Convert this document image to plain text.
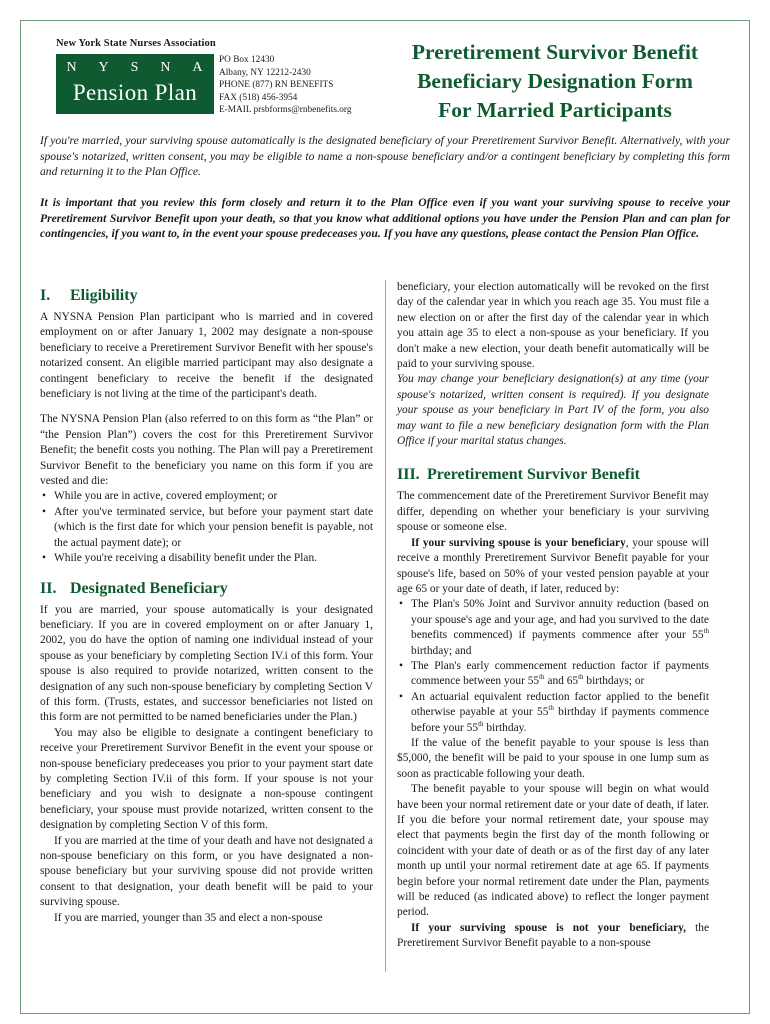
New York State Nurses Association
N Y S N A
Pension Plan
PO Box 12430
Albany, NY 12212-2430
PHONE (877) RN BENEFITS
FAX (518) 456-3954
E-MAIL prsbforms@rnbenefits.org
Preretirement Survivor Benefit
Beneficiary Designation Form
For Married Participants

If you're married, your surviving spouse automatically is the designated beneficiary of your Preretirement Survivor Benefit. Alternatively, with your spouse's notarized, written consent, you may be eligible to name a non-spouse beneficiary and/or a contingent beneficiary by completing this form and returning it to the Plan Office.

It is important that you review this form closely and return it to the Plan Office even if you want your surviving spouse to receive your Preretirement Survivor Benefit upon your death, so that you know what additional options you have under the Pension Plan and can plan for contingencies, if you want to, in the event your spouse predeceases you. If you have any questions, please contact the Pension Plan Office.

I. Eligibility

A NYSNA Pension Plan participant who is married and in covered employment on or after January 1, 2002 may designate a non-spouse beneficiary to receive a Preretirement Survivor Benefit with her spouse's notarized consent. An eligible married participant may also designate a contingent beneficiary to receive the benefit if the designated beneficiary is not living at the time of the participant's death.

The NYSNA Pension Plan (also referred to on this form as “the Plan” or “the Pension Plan”) covers the cost for this Preretirement Survivor Benefit; the benefit costs you nothing. The Plan will pay a Preretirement Survivor Benefit to the beneficiary you name on this form if you are vested and die:

• While you are in active, covered employment; or
• After you've terminated service, but before your payment start date (which is the first date for which your pension benefit is payable, not the actual payment date); or
• While you're receiving a disability benefit under the Plan.
II. Designated Beneficiary

If you are married, your spouse automatically is your designated beneficiary. If you are in covered employment on or after January 1, 2002, you do have the option of naming one individual instead of your spouse as your beneficiary by completing Section IV.i of this form. Your spouse is also required to provide notarized, written consent to the designation of any such non-spouse beneficiary by completing Section V of this form. (Trusts, estates, and successor beneficiaries not listed on this form are not permitted to be named beneficiaries under the Plan.)

You may also be eligible to designate a contingent beneficiary to receive your Preretirement Survivor Benefit in the event your spouse or non-spouse beneficiary predeceases you prior to your payment start date by completing Section IV.ii of this form. If your spouse is not your beneficiary and you wish to designate a non-spouse contingent beneficiary, your spouse must provide notarized, written consent to the designation by completing Section V of this form.

If you are married at the time of your death and have not designated a non-spouse beneficiary on this form, or you have designated a non-spouse beneficiary but your surviving spouse did not provide written consent to that designation, your death benefit will be paid to your surviving spouse.

If you are married, younger than 35 and elect a non-spouse

beneficiary, your election automatically will be revoked on the first day of the calendar year in which you reach age 35. You must file a new election on or after the first day of the calendar year in which you attain age 35 to elect a non-spouse as your beneficiary. If you don't make a new election, your death benefit automatically will be paid to your surviving spouse.

You may change your beneficiary designation(s) at any time (your spouse's notarized, written consent is required). If you designate your spouse as your beneficiary in Part IV of the form, you also may want to file a new beneficiary designation form with the Plan Office if your marital status changes.

III. Preretirement Survivor Benefit

The commencement date of the Preretirement Survivor Benefit may differ, depending on whether your beneficiary is your surviving spouse or someone else.

If your surviving spouse is your beneficiary, your spouse will receive a monthly Preretirement Survivor Benefit payable for your spouse's life, based on 50% of your vested pension payable at your age 65 or your date of death, if later, reduced by:

• The Plan's 50% Joint and Survivor annuity reduction (based on your spouse's age and your age, and had you survived to the date benefits commenced) if payments commence after your 55th birthday; and
• The Plan's early commencement reduction factor if payments commence between your 55th and 65th birthdays; or
• An actuarial equivalent reduction factor applied to the benefit otherwise payable at your 55th birthday if payments commence before your 55th birthday.

If the value of the benefit payable to your spouse is less than $5,000, the benefit will be paid to your spouse in one lump sum as soon as practicable following your death.

The benefit payable to your spouse will begin on what would have been your normal retirement date or your date of death, if later. If you die before your normal retirement date, your spouse may elect that payments begin the first day of the month following or coincident with your date of death or as of the first day of any later month up until your normal retirement date at age 65. If payments begin before your normal retirement date under the Plan, payments will be reduced (as indicated above) to reflect the longer payment period.

If your surviving spouse is not your beneficiary, the Preretirement Survivor Benefit payable to a non-spouse
